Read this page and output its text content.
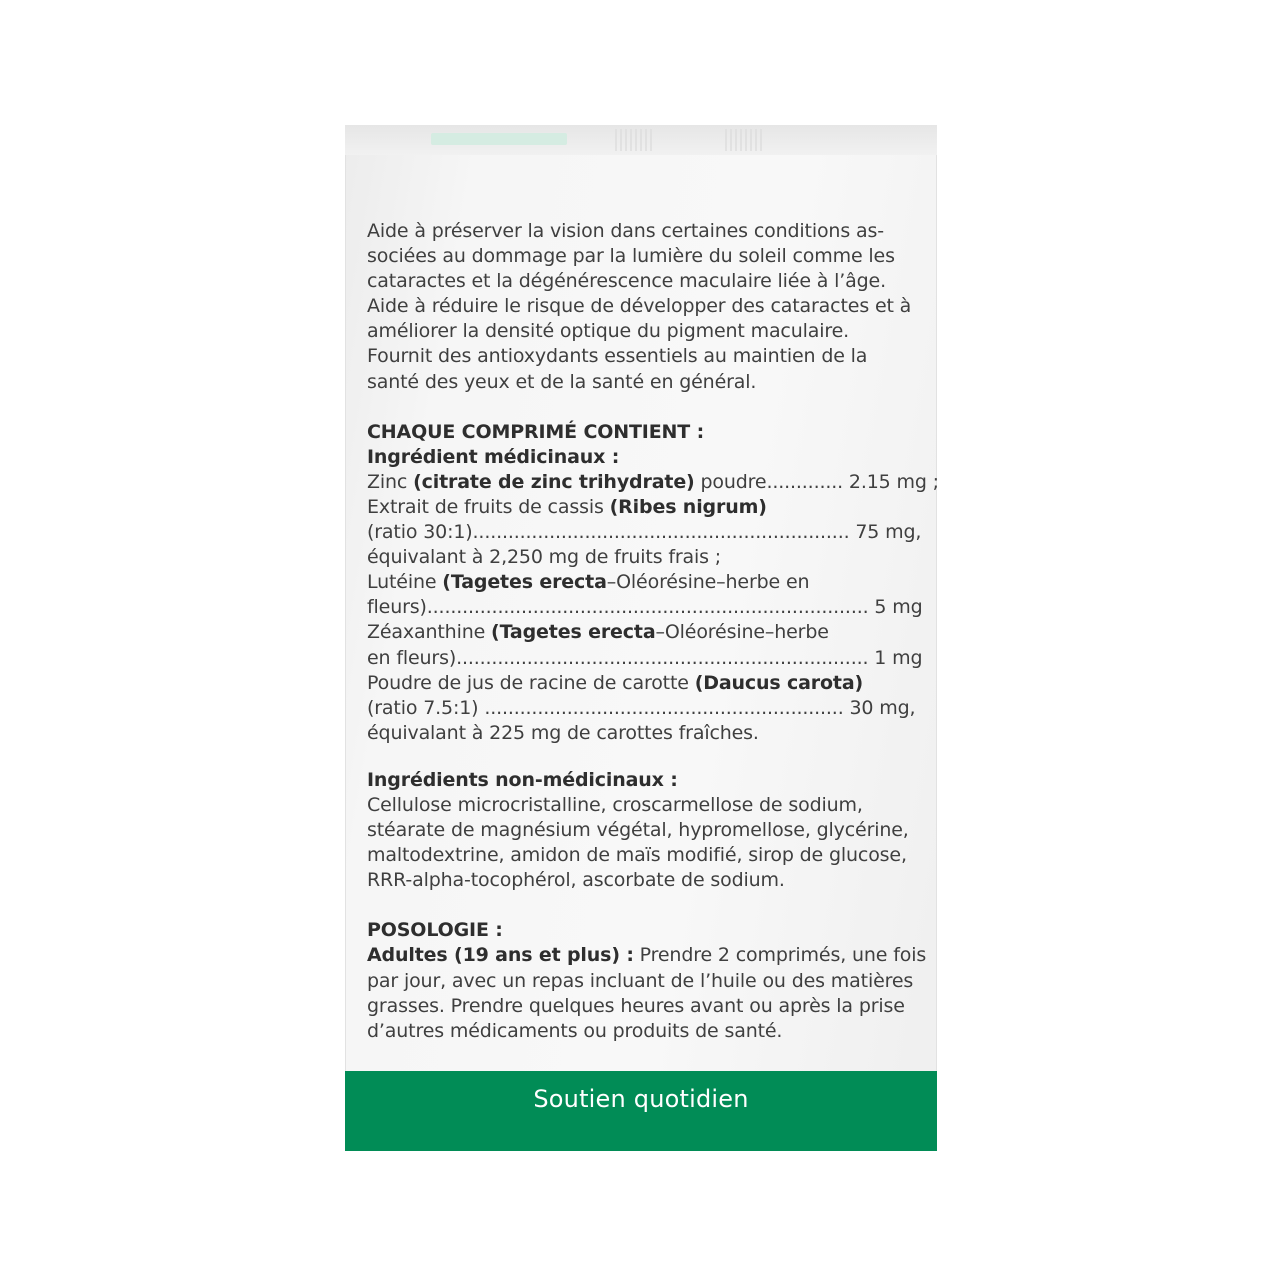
Aide à préserver la vision dans certaines conditions as-
sociées au dommage par la lumière du soleil comme les
cataractes et la dégénérescence maculaire liée à l’âge.
Aide à réduire le risque de développer des cataractes et à
améliorer la densité optique du pigment maculaire.
Fournit des antioxydants essentiels au maintien de la
santé des yeux et de la santé en général.
CHAQUE COMPRIMÉ CONTIENT :
Ingrédient médicinaux :
Zinc (citrate de zinc trihydrate) poudre............. 2.15 mg ;
Extrait de fruits de cassis (Ribes nigrum)
(ratio 30:1)................................................................ 75 mg,
équivalant à 2,250 mg de fruits frais ;
Lutéine (Tagetes erecta–Oléorésine–herbe en
fleurs)........................................................................... 5 mg
Zéaxanthine (Tagetes erecta–Oléorésine–herbe
en fleurs)...................................................................... 1 mg
Poudre de jus de racine de carotte (Daucus carota)
(ratio 7.5:1) ............................................................. 30 mg,
équivalant à 225 mg de carottes fraîches.
Ingrédients non-médicinaux :
Cellulose microcristalline, croscarmellose de sodium,
stéarate de magnésium végétal, hypromellose, glycérine,
maltodextrine, amidon de maïs modifié, sirop de glucose,
RRR-alpha-tocophérol, ascorbate de sodium.
POSOLOGIE :
Adultes (19 ans et plus) : Prendre 2 comprimés, une fois
par jour, avec un repas incluant de l’huile ou des matières
grasses. Prendre quelques heures avant ou après la prise
d’autres médicaments ou produits de santé.
Soutien quotidien
